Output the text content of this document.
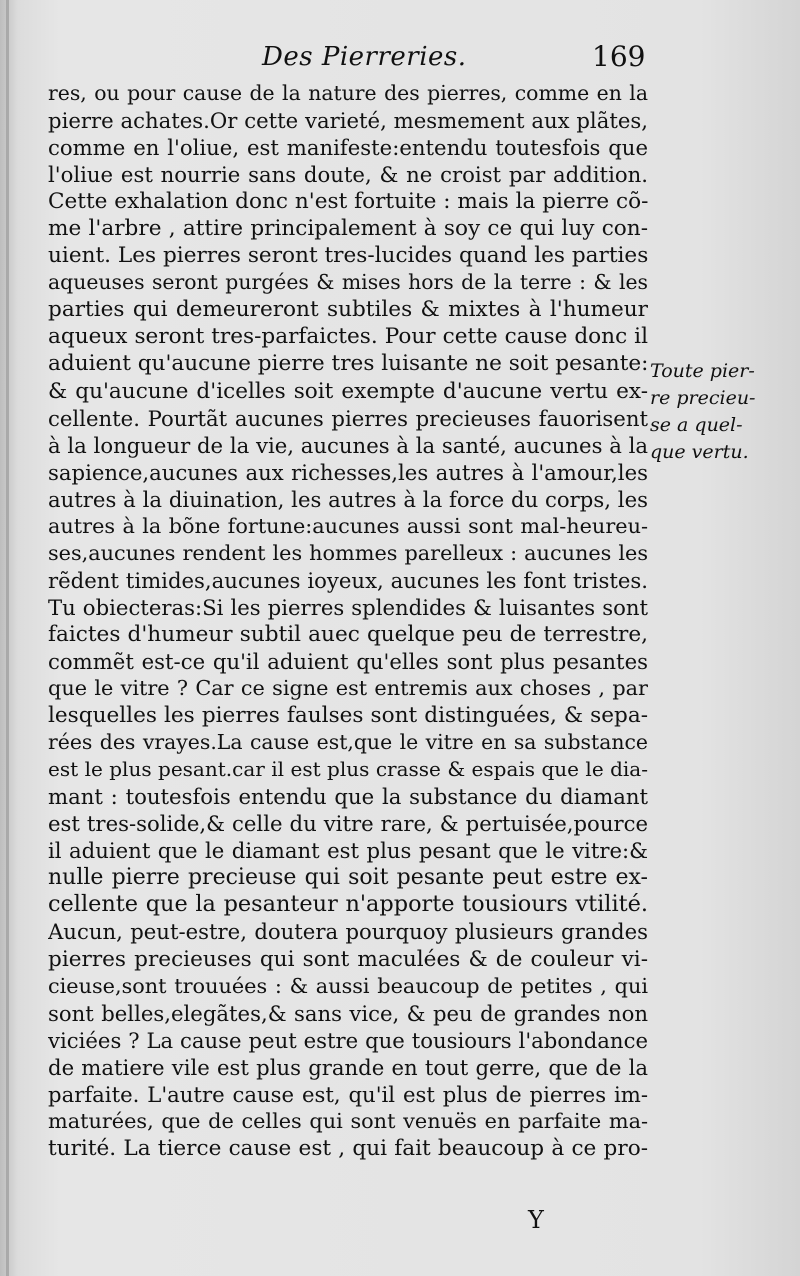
Des Pierreries.	169
res, ou pour cause de la nature des pierres, comme en la
pierre achates.Or cette varieté, mesmement aux plãtes,
comme en l'oliue, est manifeste:entendu toutesfois que
l'oliue est nourrie sans doute, & ne croist par addition.
Cette exhalation donc n'est fortuite : mais la pierre cõ-
me l'arbre , attire principalement à soy ce qui luy con-
uient. Les pierres seront tres-lucides quand les parties
aqueuses seront purgées & mises hors de la terre : & les
parties qui demeureront subtiles & mixtes à l'humeur
aqueux seront tres-parfaictes. Pour cette cause donc il
aduient qu'aucune pierre tres luisante ne soit pesante:
& qu'aucune d'icelles soit exempte d'aucune vertu ex-
cellente. Pourtãt aucunes pierres precieuses fauorisent
à la longueur de la vie, aucunes à la santé, aucunes à la
sapience,aucunes aux richesses,les autres à l'amour,les
autres à la diuination, les autres à la force du corps, les
autres à la bõne fortune:aucunes aussi sont mal-heureu-
ses,aucunes rendent les hommes parelleux : aucunes les
rẽdent timides,aucunes ioyeux, aucunes les font tristes.
Tu obiecteras:Si les pierres splendides & luisantes sont
faictes d'humeur subtil auec quelque peu de terrestre,
commẽt est-ce qu'il aduient qu'elles sont plus pesantes
que le vitre ? Car ce signe est entremis aux choses , par
lesquelles les pierres faulses sont distinguées, & sepa-
rées des vrayes.La cause est,que le vitre en sa substance
est le plus pesant.car il est plus crasse & espais que le dia-
mant : toutesfois entendu que la substance du diamant
est tres-solide,& celle du vitre rare, & pertuisée,pource
il aduient que le diamant est plus pesant que le vitre:&
nulle pierre precieuse qui soit pesante peut estre ex-
cellente que la pesanteur n'apporte tousiours vtilité.
Aucun, peut-estre, doutera pourquoy plusieurs grandes
pierres precieuses qui sont maculées & de couleur vi-
cieuse,sont trouuées : & aussi beaucoup de petites , qui
sont belles,elegãtes,& sans vice, & peu de grandes non
viciées ? La cause peut estre que tousiours l'abondance
de matiere vile est plus grande en tout gerre, que de la
parfaite. L'autre cause est, qu'il est plus de pierres im-
maturées, que de celles qui sont venuës en parfaite ma-
turité. La tierce cause est , qui fait beaucoup à ce pro-
Toute pier-
re precieu-
se a quel-
que vertu.
Y
